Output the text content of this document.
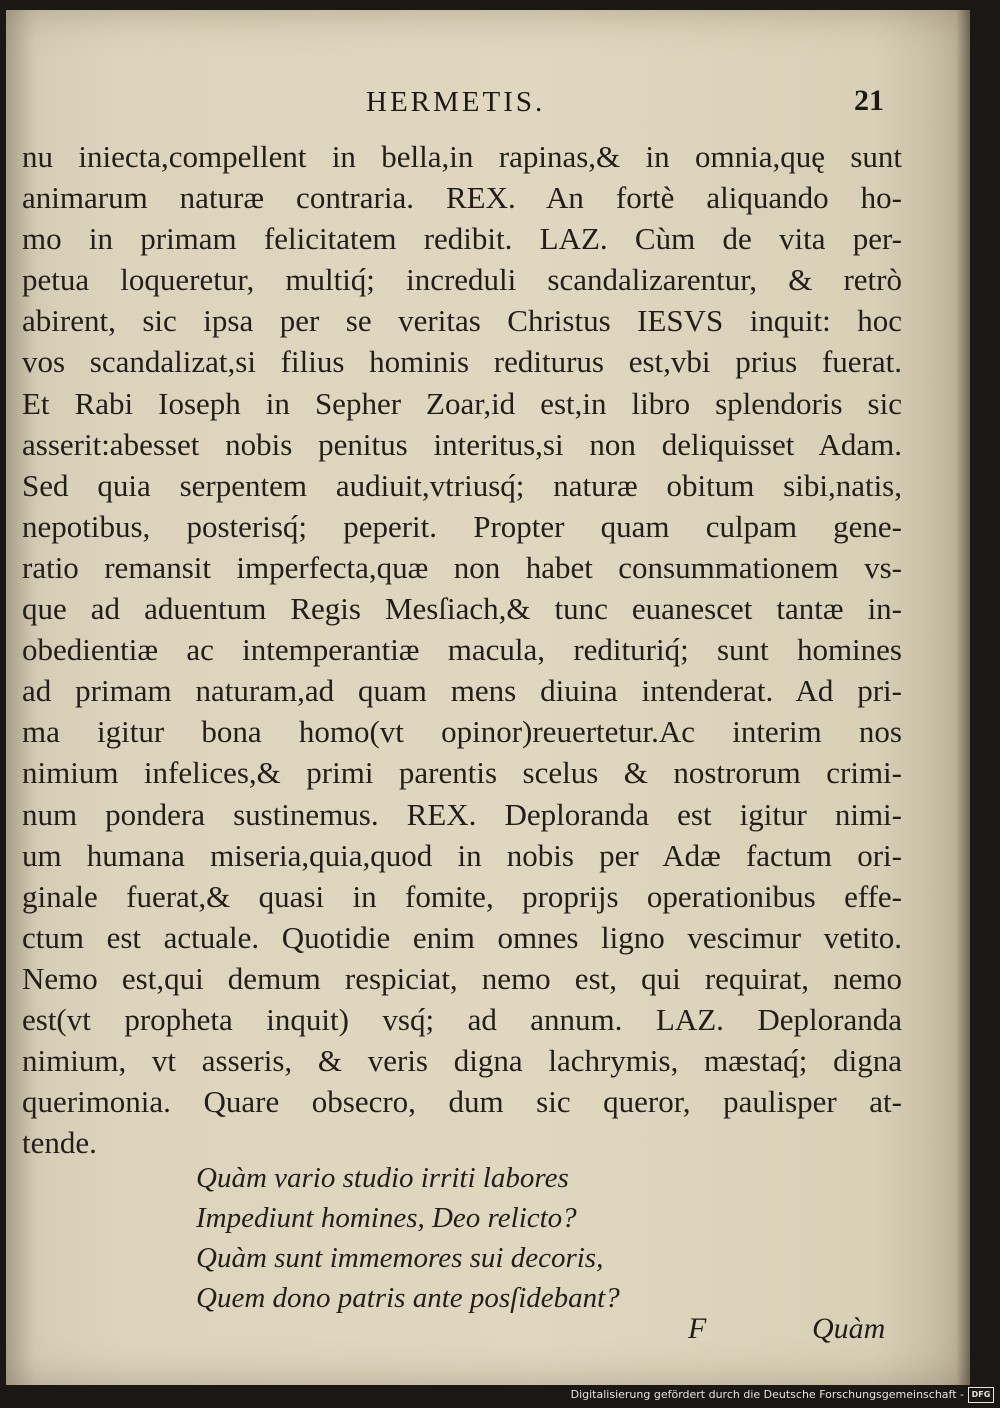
HERMETIS.	21
nu iniecta,compellent in bella,in rapinas,& in omnia,quę sunt
animarum naturæ contraria. REX. An fortè aliquando ho-
mo in primam felicitatem redibit. LAZ. Cùm de vita per-
petua loqueretur, multiq́; increduli scandalizarentur, & retrò
abirent, sic ipsa per se veritas Christus IESVS inquit: hoc
vos scandalizat,si filius hominis rediturus est,vbi prius fuerat.
Et Rabi Ioseph in Sepher Zoar,id est,in libro splendoris sic
asserit:abesset nobis penitus interitus,si non deliquisset Adam.
Sed quia serpentem audiuit,vtriusq́; naturæ obitum sibi,natis,
nepotibus, posterisq́; peperit. Propter quam culpam gene-
ratio remansit imperfecta,quæ non habet consummationem vs-
que ad aduentum Regis Mesſiach,& tunc euanescet tantæ in-
obedientiæ ac intemperantiæ macula, redituriq́; sunt homines
ad primam naturam,ad quam mens diuina intenderat. Ad pri-
ma igitur bona homo(vt opinor)reuertetur.Ac interim nos
nimium infelices,& primi parentis scelus & nostrorum crimi-
num pondera sustinemus. REX. Deploranda est igitur nimi-
um humana miseria,quia,quod in nobis per Adæ factum ori-
ginale fuerat,& quasi in fomite, proprijs operationibus effe-
ctum est actuale. Quotidie enim omnes ligno vescimur vetito.
Nemo est,qui demum respiciat, nemo est, qui requirat, nemo
est(vt propheta inquit) vsq́; ad annum. LAZ. Deploranda
nimium, vt asseris, & veris digna lachrymis, mæstaq́; digna
querimonia. Quare obsecro, dum sic queror, paulisper at-
tende.
Quàm vario studio irriti labores
Impediunt homines, Deo relicto?
Quàm sunt immemores sui decoris,
Quem dono patris ante posſidebant?
F	Quàm
Digitalisierung gefördert durch die Deutsche Forschungsgemeinschaft - DFG
